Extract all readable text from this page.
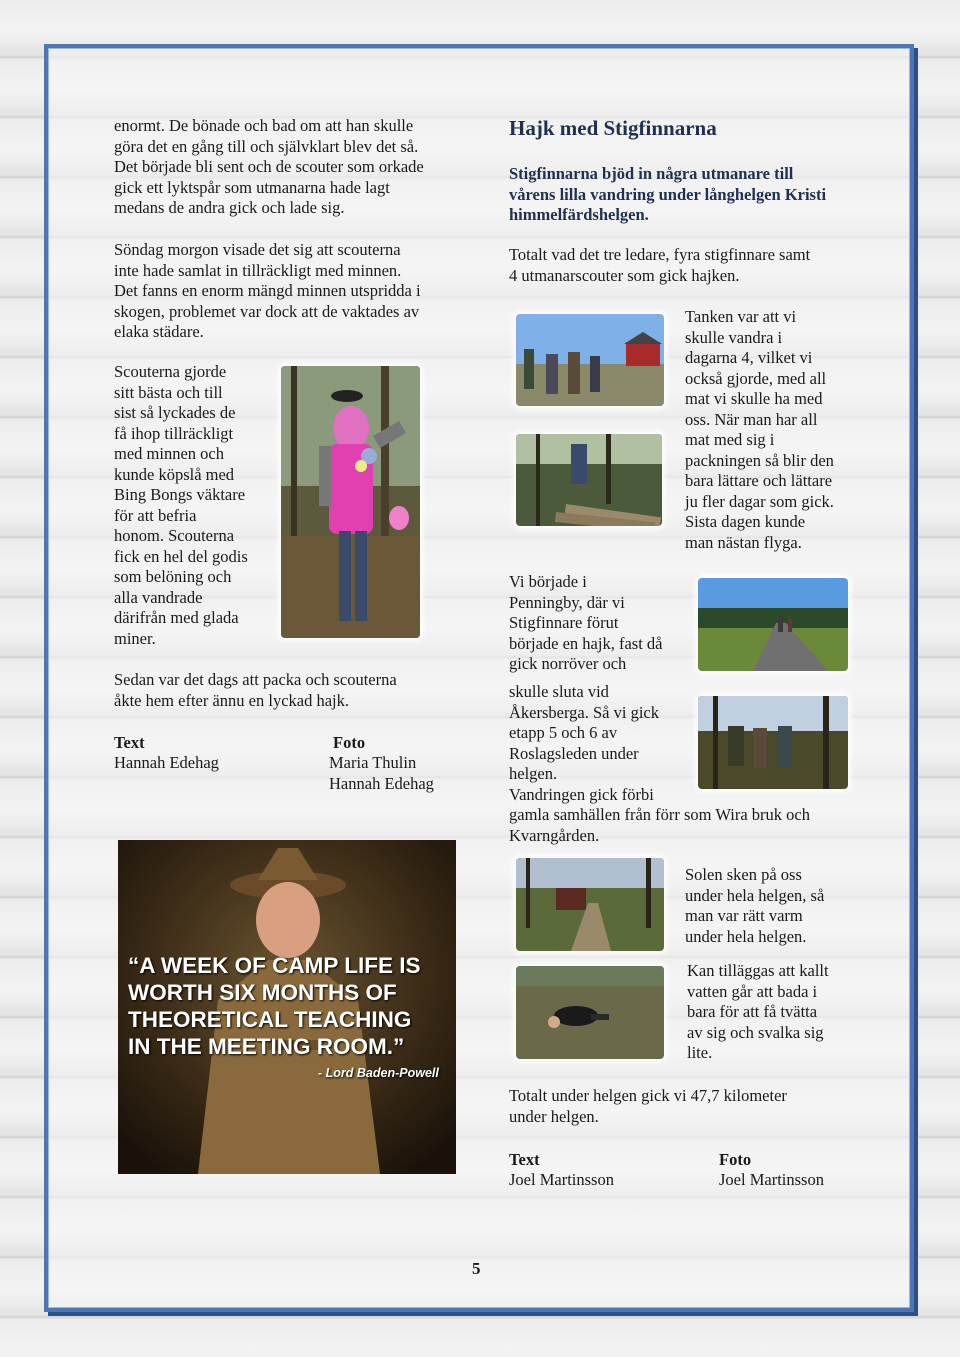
enormt. De bönade och bad om att han skulle
göra det en gång till och självklart blev det så.
Det började bli sent och de scouter som orkade
gick ett lyktspår som utmanarna hade lagt
medans de andra gick och lade sig.
Söndag morgon visade det sig att scouterna
inte hade samlat in tillräckligt med minnen.
Det fanns en enorm mängd minnen utspridda i
skogen, problemet var dock att de vaktades av
elaka städare.
Scouterna gjorde
sitt bästa och till
sist så lyckades de
få ihop tillräckligt
med minnen och
kunde köpslå med
Bing Bongs väktare
för att befria
honom. Scouterna
fick en hel del godis
som belöning och
alla vandrade
därifrån med glada
miner.
Sedan var det dags att packa och scouterna
åkte hem efter ännu en lyckad hajk.
Text
Hannah Edehag
Foto
Maria Thulin
Hannah Edehag
“A WEEK OF CAMP LIFE IS
WORTH SIX MONTHS OF
THEORETICAL TEACHING
IN THE MEETING ROOM.”
- Lord Baden-Powell
Hajk med Stigfinnarna
Stigfinnarna bjöd in några utmanare till
vårens lilla vandring under långhelgen Kristi
himmelfärdshelgen.
Totalt vad det tre ledare, fyra stigfinnare samt
4 utmanarscouter som gick hajken.
Tanken var att vi
skulle vandra i
dagarna 4, vilket vi
också gjorde, med all
mat vi skulle ha med
oss. När man har all
mat med sig i
packningen så blir den
bara lättare och lättare
ju fler dagar som gick.
Sista dagen kunde
man nästan flyga.
Vi började i
Penningby, där vi
Stigfinnare förut
började en hajk, fast då
gick norröver och
skulle sluta vid
Åkersberga. Så vi gick
etapp 5 och 6 av
Roslagsleden under
helgen.
Vandringen gick förbi
gamla samhällen från förr som Wira bruk och
Kvarngården.
Solen sken på oss
under hela helgen, så
man var rätt varm
under hela helgen.
Kan tilläggas att kallt
vatten går att bada i
bara för att få tvätta
av sig och svalka sig
lite.
Totalt under helgen gick vi 47,7 kilometer
under helgen.
Text
Joel Martinsson
Foto
Joel Martinsson
5
